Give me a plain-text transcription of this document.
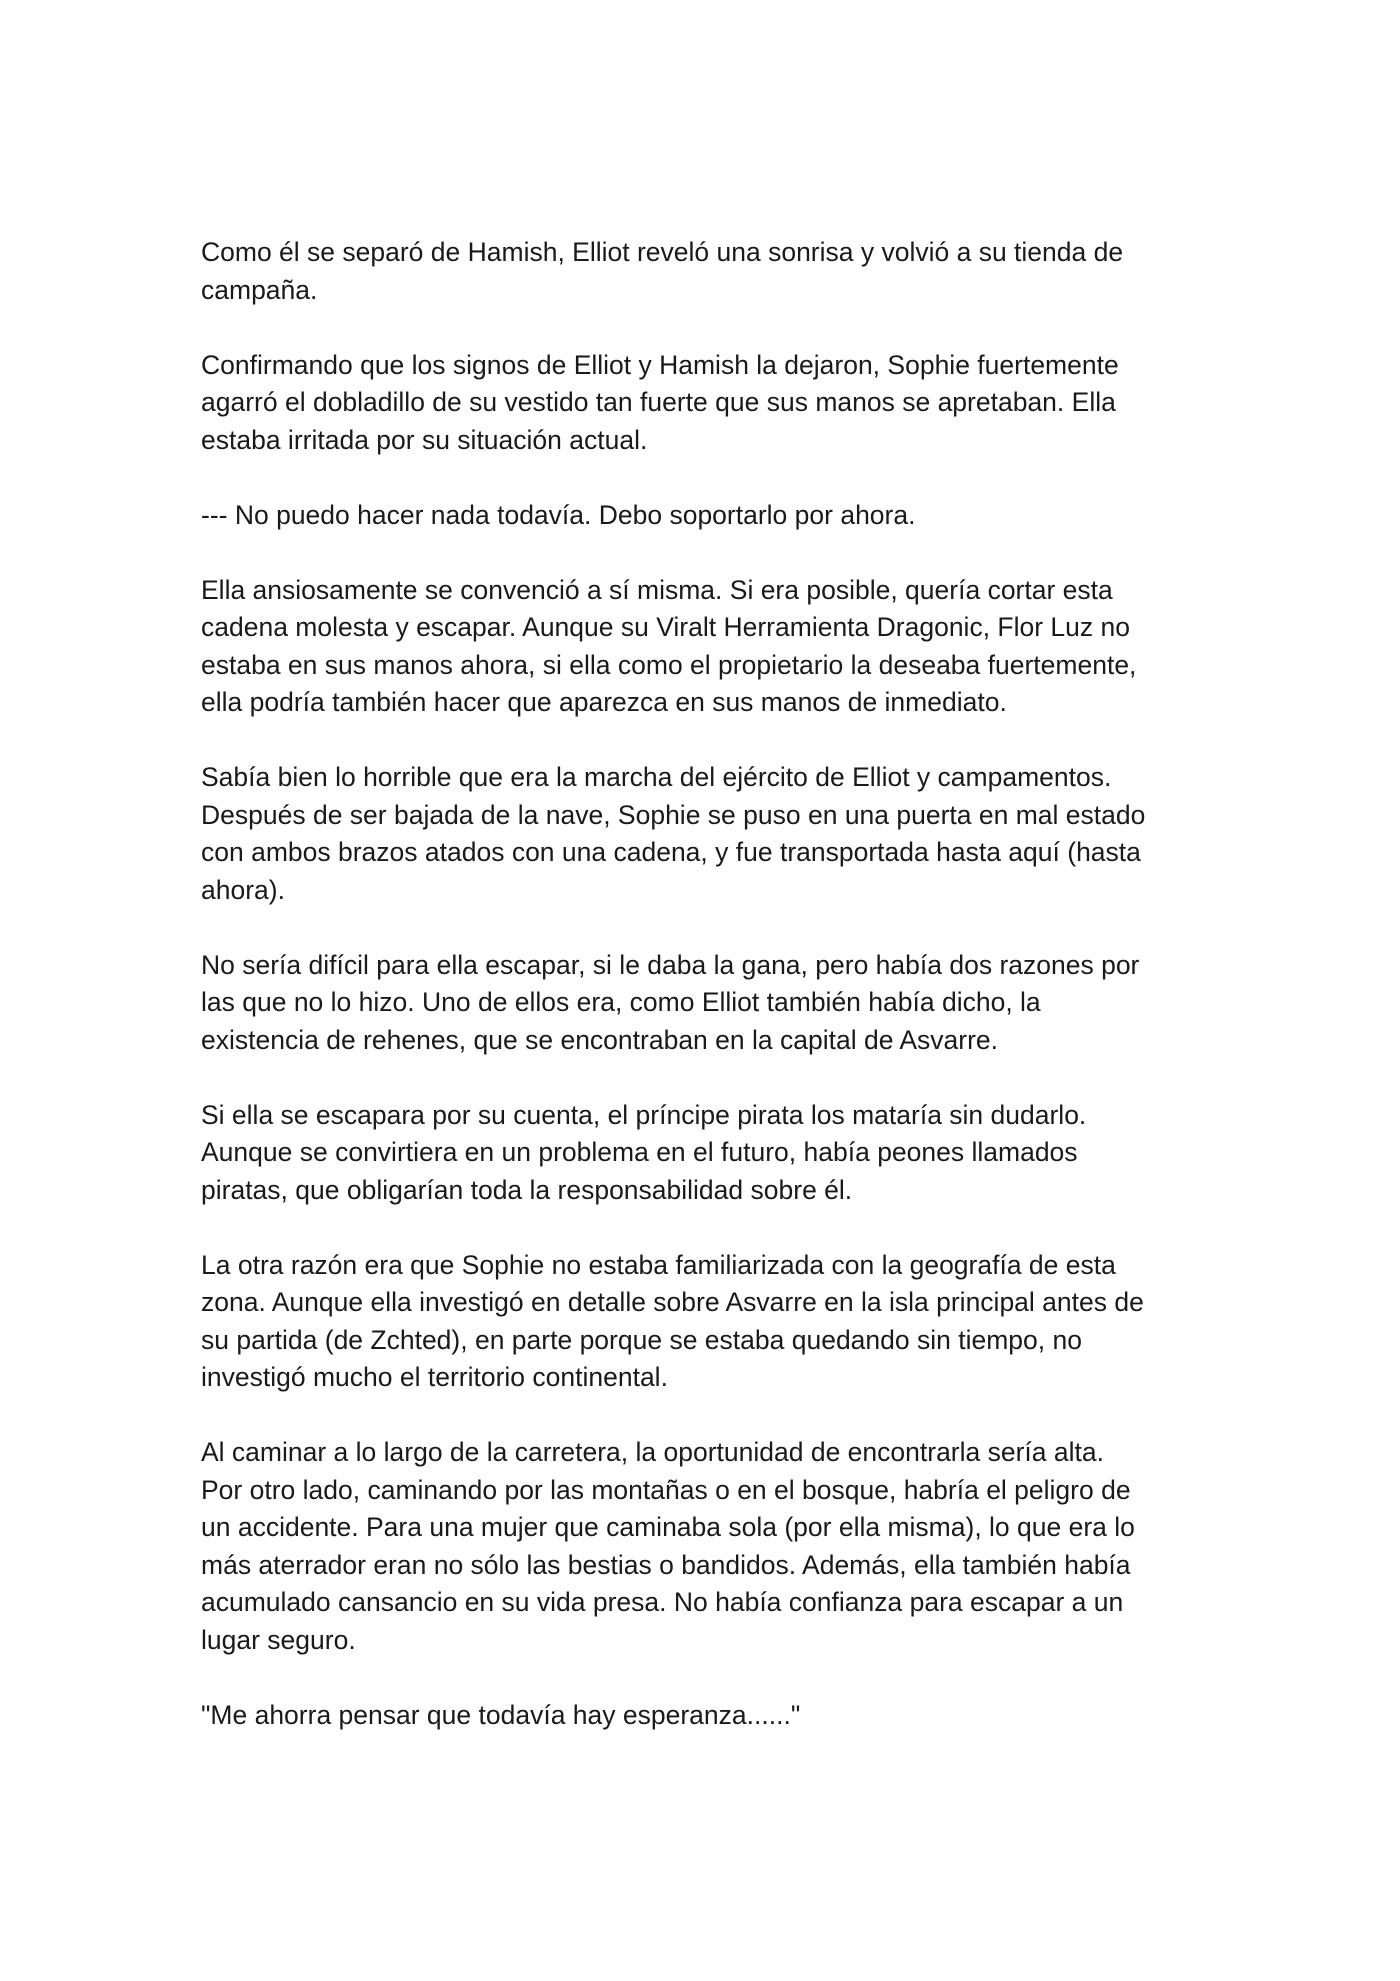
Como él se separó de Hamish, Elliot reveló una sonrisa y volvió a su tienda de
campaña.

Confirmando que los signos de Elliot y Hamish la dejaron, Sophie fuertemente
agarró el dobladillo de su vestido tan fuerte que sus manos se apretaban. Ella
estaba irritada por su situación actual.

--- No puedo hacer nada todavía. Debo soportarlo por ahora.

Ella ansiosamente se convenció a sí misma. Si era posible, quería cortar esta
cadena molesta y escapar. Aunque su Viralt Herramienta Dragonic, Flor Luz no
estaba en sus manos ahora, si ella como el propietario la deseaba fuertemente,
ella podría también hacer que aparezca en sus manos de inmediato.

Sabía bien lo horrible que era la marcha del ejército de Elliot y campamentos.
Después de ser bajada de la nave, Sophie se puso en una puerta en mal estado
con ambos brazos atados con una cadena, y fue transportada hasta aquí (hasta
ahora).

No sería difícil para ella escapar, si le daba la gana, pero había dos razones por
las que no lo hizo. Uno de ellos era, como Elliot también había dicho, la
existencia de rehenes, que se encontraban en la capital de Asvarre.

Si ella se escapara por su cuenta, el príncipe pirata los mataría sin dudarlo.
Aunque se convirtiera en un problema en el futuro, había peones llamados
piratas, que obligarían toda la responsabilidad sobre él.

La otra razón era que Sophie no estaba familiarizada con la geografía de esta
zona. Aunque ella investigó en detalle sobre Asvarre en la isla principal antes de
su partida (de Zchted), en parte porque se estaba quedando sin tiempo, no
investigó mucho el territorio continental.

Al caminar a lo largo de la carretera, la oportunidad de encontrarla sería alta.
Por otro lado, caminando por las montañas o en el bosque, habría el peligro de
un accidente. Para una mujer que caminaba sola (por ella misma), lo que era lo
más aterrador eran no sólo las bestias o bandidos. Además, ella también había
acumulado cansancio en su vida presa. No había confianza para escapar a un
lugar seguro.

"Me ahorra pensar que todavía hay esperanza......"
